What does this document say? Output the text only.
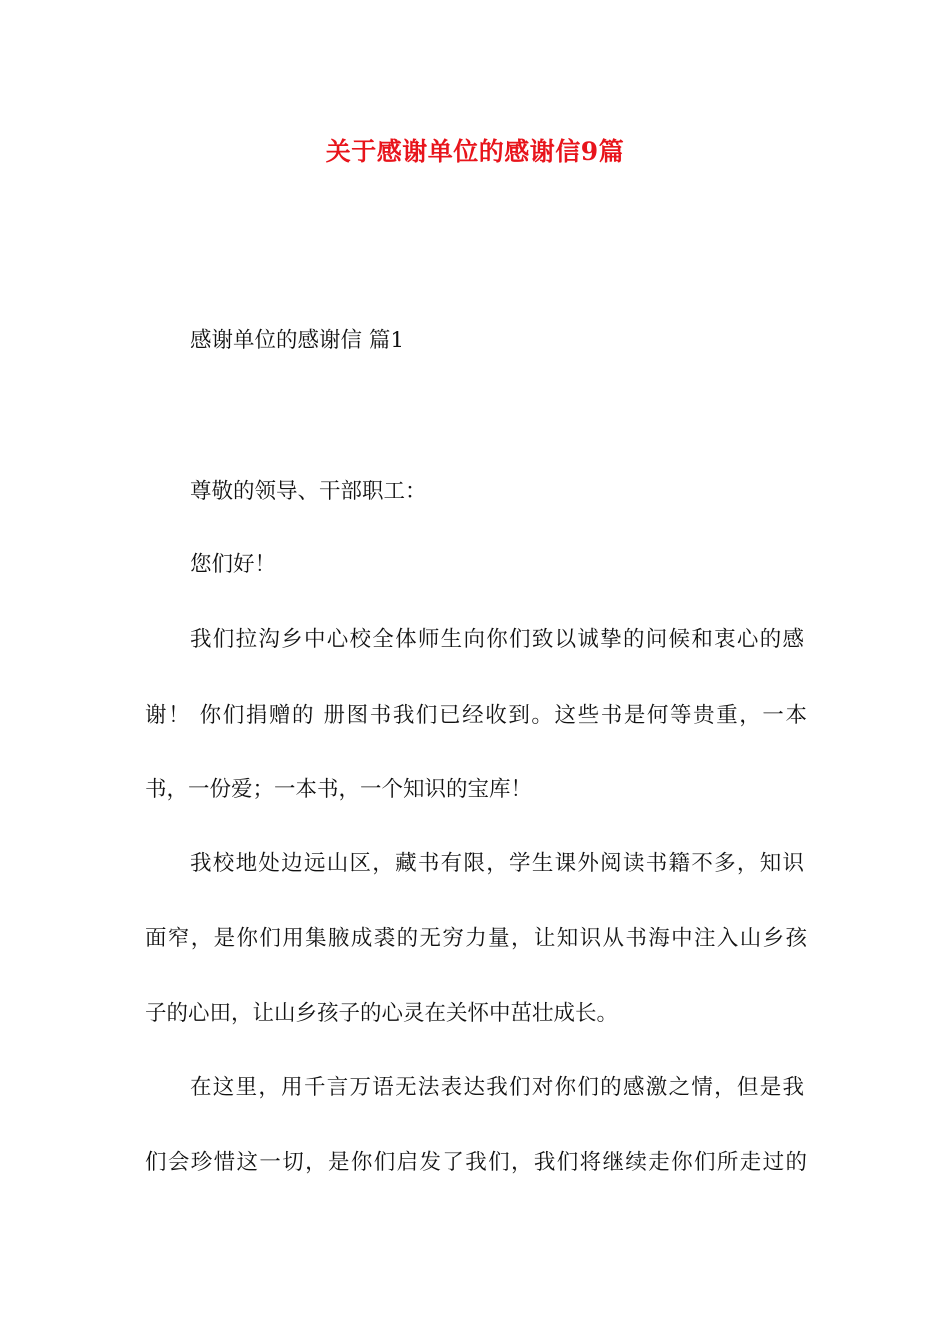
关于感谢单位的感谢信9篇
感谢单位的感谢信 篇1
尊敬的领导、干部职工：
您们好！
我们拉沟乡中心校全体师生向你们致以诚挚的问候和衷心的感
谢！ 你们捐赠的 册图书我们已经收到。这些书是何等贵重，一本
书，一份爱；一本书，一个知识的宝库！
我校地处边远山区，藏书有限，学生课外阅读书籍不多，知识
面窄，是你们用集腋成裘的无穷力量，让知识从书海中注入山乡孩
子的心田，让山乡孩子的心灵在关怀中茁壮成长。
在这里，用千言万语无法表达我们对你们的感激之情，但是我
们会珍惜这一切，是你们启发了我们，我们将继续走你们所走过的
